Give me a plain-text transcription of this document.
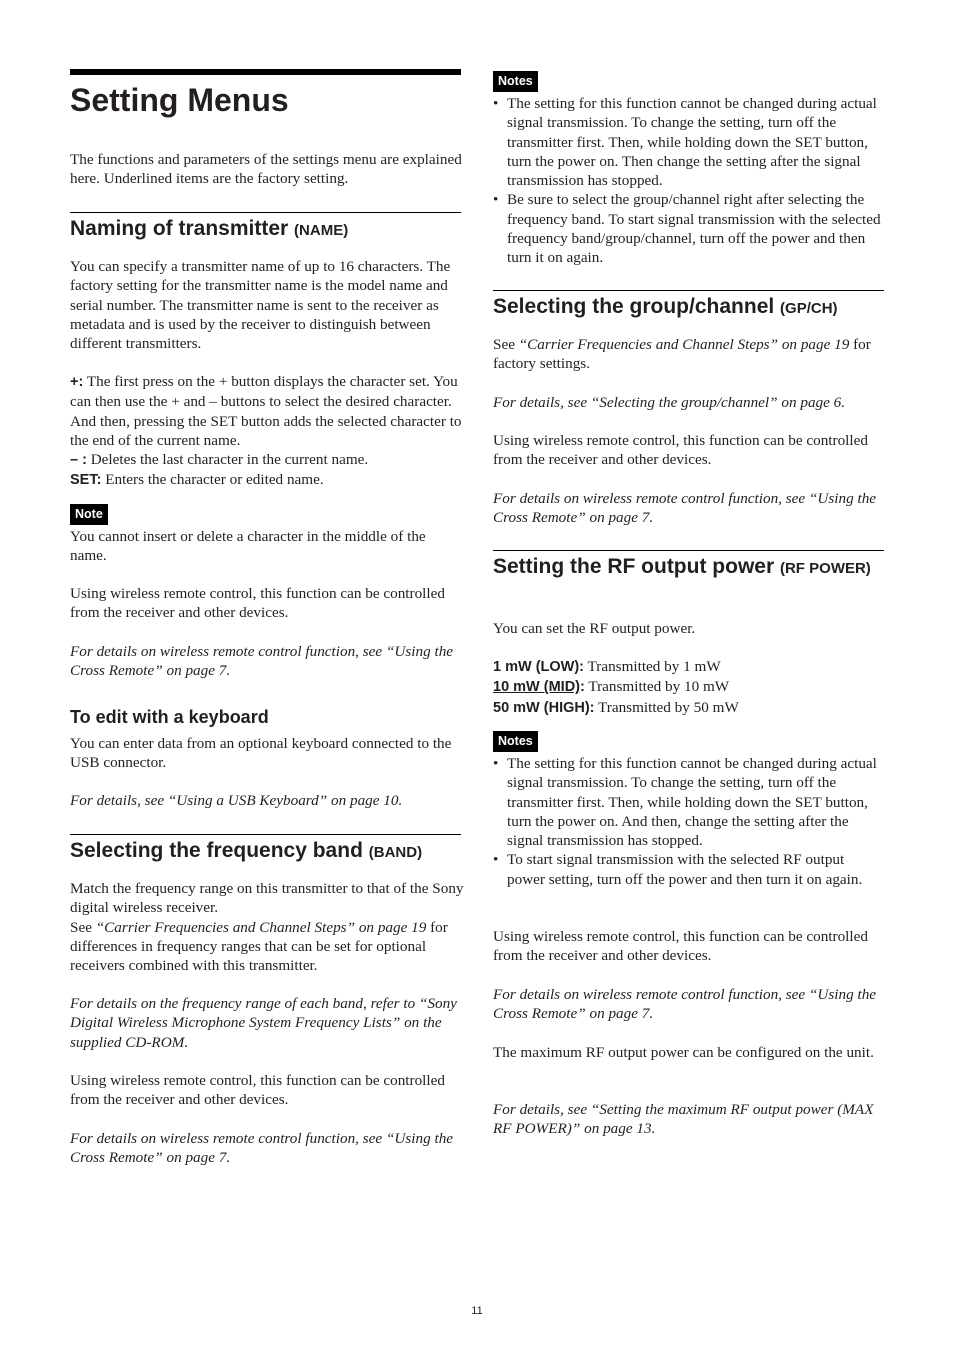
Setting Menus

The functions and parameters of the settings menu are explained here. Underlined items are the factory setting.

Naming of transmitter (NAME)

You can specify a transmitter name of up to 16 characters. The factory setting for the transmitter name is the model name and serial number. The transmitter name is sent to the receiver as metadata and is used by the receiver to distinguish between different transmitters.

+: The first press on the + button displays the character set. You can then use the + and – buttons to select the desired character. And then, pressing the SET button adds the selected character to the end of the current name.
– : Deletes the last character in the current name.
SET: Enters the character or edited name.

Note

You cannot insert or delete a character in the middle of the name.

Using wireless remote control, this function can be controlled from the receiver and other devices.

For details on wireless remote control function, see “Using the Cross Remote” on page 7.

To edit with a keyboard

You can enter data from an optional keyboard connected to the USB connector.

For details, see “Using a USB Keyboard” on page 10.

Selecting the frequency band (BAND)

Match the frequency range on this transmitter to that of the Sony digital wireless receiver.
See “Carrier Frequencies and Channel Steps” on page 19 for differences in frequency ranges that can be set for optional receivers combined with this transmitter.

For details on the frequency range of each band, refer to “Sony Digital Wireless Microphone System Frequency Lists” on the supplied CD-ROM.

Using wireless remote control, this function can be controlled from the receiver and other devices.

For details on wireless remote control function, see “Using the Cross Remote” on page 7.

Notes
• The setting for this function cannot be changed during actual signal transmission. To change the setting, turn off the transmitter first. Then, while holding down the SET button, turn the power on. Then change the setting after the signal transmission has stopped.
• Be sure to select the group/channel right after selecting the frequency band. To start signal transmission with the selected frequency band/group/channel, turn off the power and then turn it on again.
Selecting the group/channel (GP/CH)

See “Carrier Frequencies and Channel Steps” on page 19 for factory settings.

For details, see “Selecting the group/channel” on page 6.

Using wireless remote control, this function can be controlled from the receiver and other devices.

For details on wireless remote control function, see “Using the Cross Remote” on page 7.

Setting the RF output power (RF POWER)

You can set the RF output power.

1 mW (LOW): Transmitted by 1 mW
10 mW (MID): Transmitted by 10 mW
50 mW (HIGH): Transmitted by 50 mW

Notes
• The setting for this function cannot be changed during actual signal transmission. To change the setting, turn off the transmitter first. Then, while holding down the SET button, turn the power on. And then, change the setting after the signal transmission has stopped.
• To start signal transmission with the selected RF output power setting, turn off the power and then turn it on again.

Using wireless remote control, this function can be controlled from the receiver and other devices.

For details on wireless remote control function, see “Using the Cross Remote” on page 7.

The maximum RF output power can be configured on the unit.

For details, see “Setting the maximum RF output power (MAX RF POWER)” on page 13.

11
